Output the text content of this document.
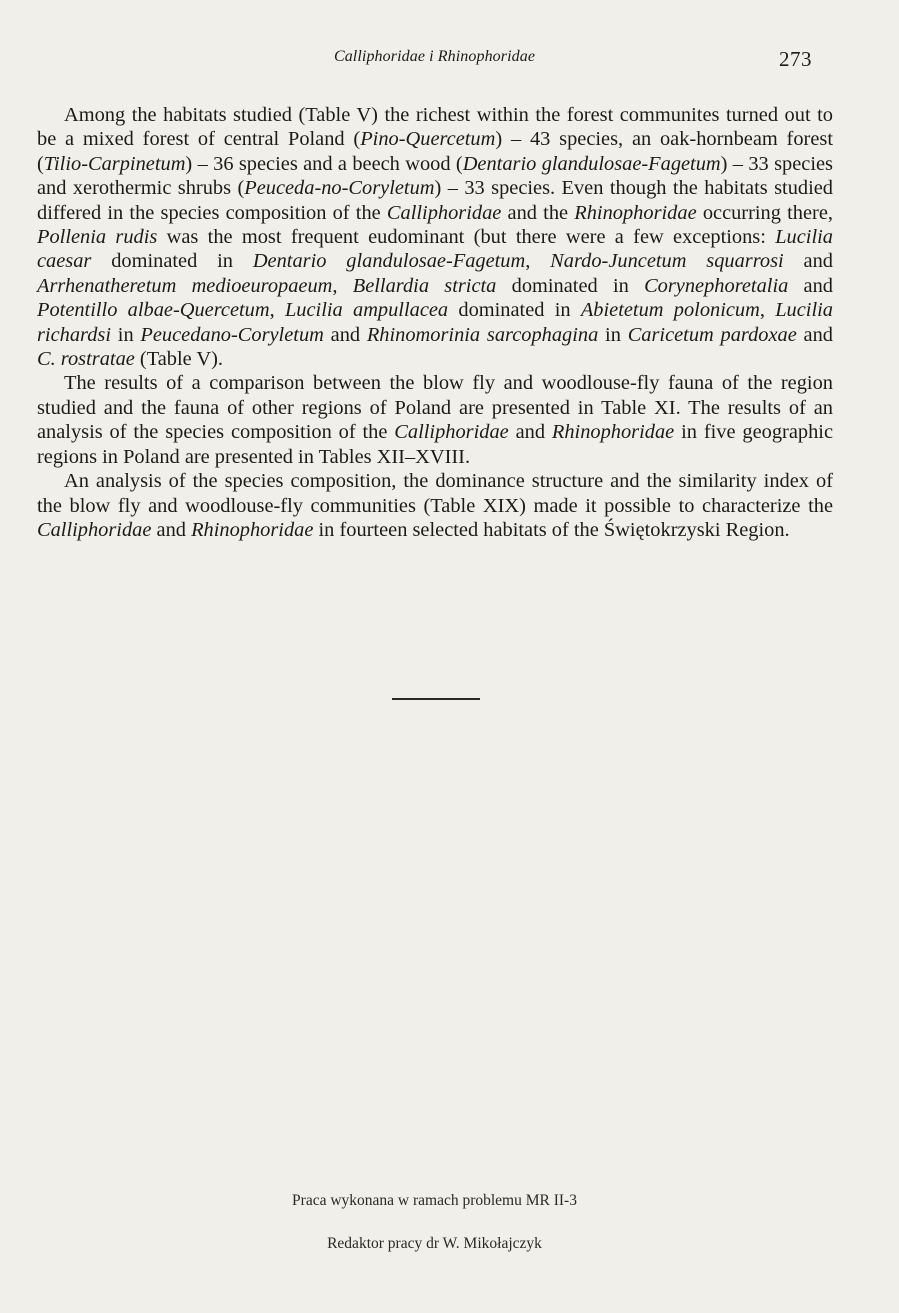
Calliphoridae i Rhinophoridae	273

Among the habitats studied (Table V) the richest within the forest communites turned out to be a mixed forest of central Poland (Pino-Quercetum) – 43 species, an oak-hornbeam forest (Tilio-Carpinetum) – 36 species and a beech wood (Dentario glandulosae-Fagetum) – 33 species and xerothermic shrubs (Peuceda-no-Coryletum) – 33 species. Even though the habitats studied differed in the species composition of the Calliphoridae and the Rhinophoridae occurring there, Pollenia rudis was the most frequent eudominant (but there were a few exceptions: Lucilia caesar dominated in Dentario glandulosae-Fagetum, Nardo-Juncetum squarrosi and Arrhenatheretum medioeuropaeum, Bellardia stricta dominated in Corynephoretalia and Potentillo albae-Quercetum, Lucilia ampullacea dominated in Abietetum polonicum, Lucilia richardsi in Peucedano-Coryletum and Rhinomorinia sarcophagina in Caricetum pardoxae and C. rostratae (Table V).

The results of a comparison between the blow fly and woodlouse-fly fauna of the region studied and the fauna of other regions of Poland are presented in Table XI. The results of an analysis of the species composition of the Calliphoridae and Rhinophoridae in five geographic regions in Poland are presented in Tables XII–XVIII.

An analysis of the species composition, the dominance structure and the similarity index of the blow fly and woodlouse-fly communities (Table XIX) made it possible to characterize the Calliphoridae and Rhinophoridae in fourteen selected habitats of the Świętokrzyski Region.

Praca wykonana w ramach problemu MR II-3
Redaktor pracy dr W. Mikołajczyk
